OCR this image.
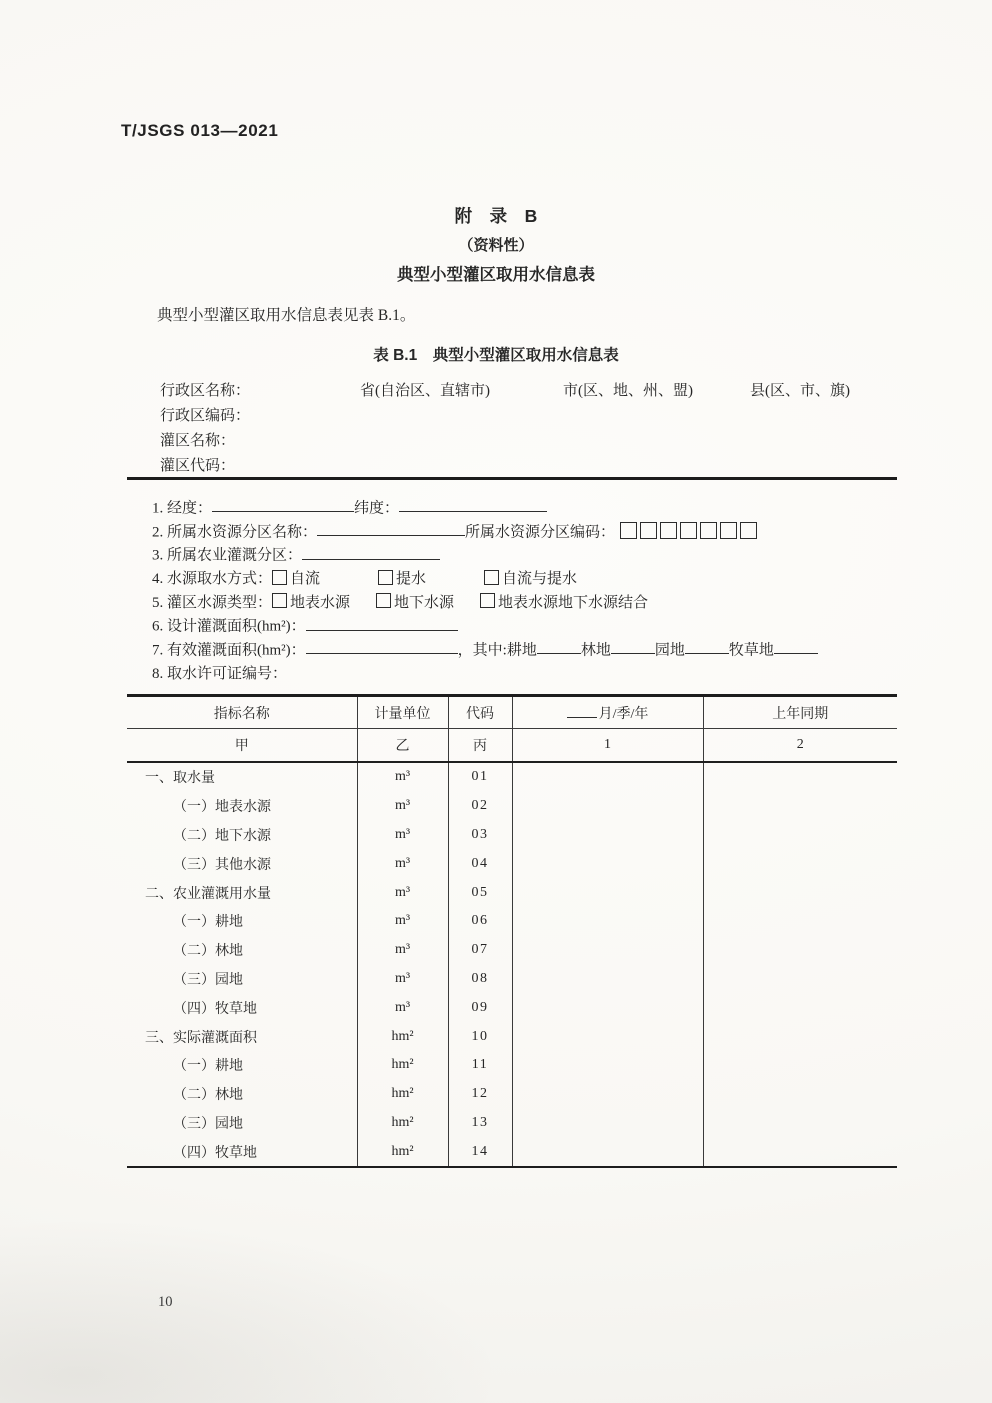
T/JSGS 013—2021
附　录　B
（资料性）
典型小型灌区取用水信息表
典型小型灌区取用水信息表见表 B.1。
表 B.1　典型小型灌区取用水信息表
行政区名称：	省(自治区、直辖市)	市(区、地、州、盟)	县(区、市、旗)
行政区编码：
灌区名称：
灌区代码：
1. 经度：	纬度：
2. 所属水资源分区名称：	所属水资源分区编码：
3. 所属农业灌溉分区：
4. 水源取水方式： 自流	提水	自流与提水
5. 灌区水源类型： 地表水源	地下水源	地表水源地下水源结合
6. 设计灌溉面积(hm²)：
7. 有效灌溉面积(hm²)：	，其中:耕地	林地	园地	牧草地
8. 取水许可证编号：
指标名称	计量单位	代码	月/季/年	上年同期
甲	乙	丙	1	2
一、取水量	m³	01		
（一）地表水源	m³	02		
（二）地下水源	m³	03		
（三）其他水源	m³	04		
二、农业灌溉用水量	m³	05		
（一）耕地	m³	06		
（二）林地	m³	07		
（三）园地	m³	08		
（四）牧草地	m³	09		
三、实际灌溉面积	hm²	10		
（一）耕地	hm²	11		
（二）林地	hm²	12		
（三）园地	hm²	13		
（四）牧草地	hm²	14		
10
